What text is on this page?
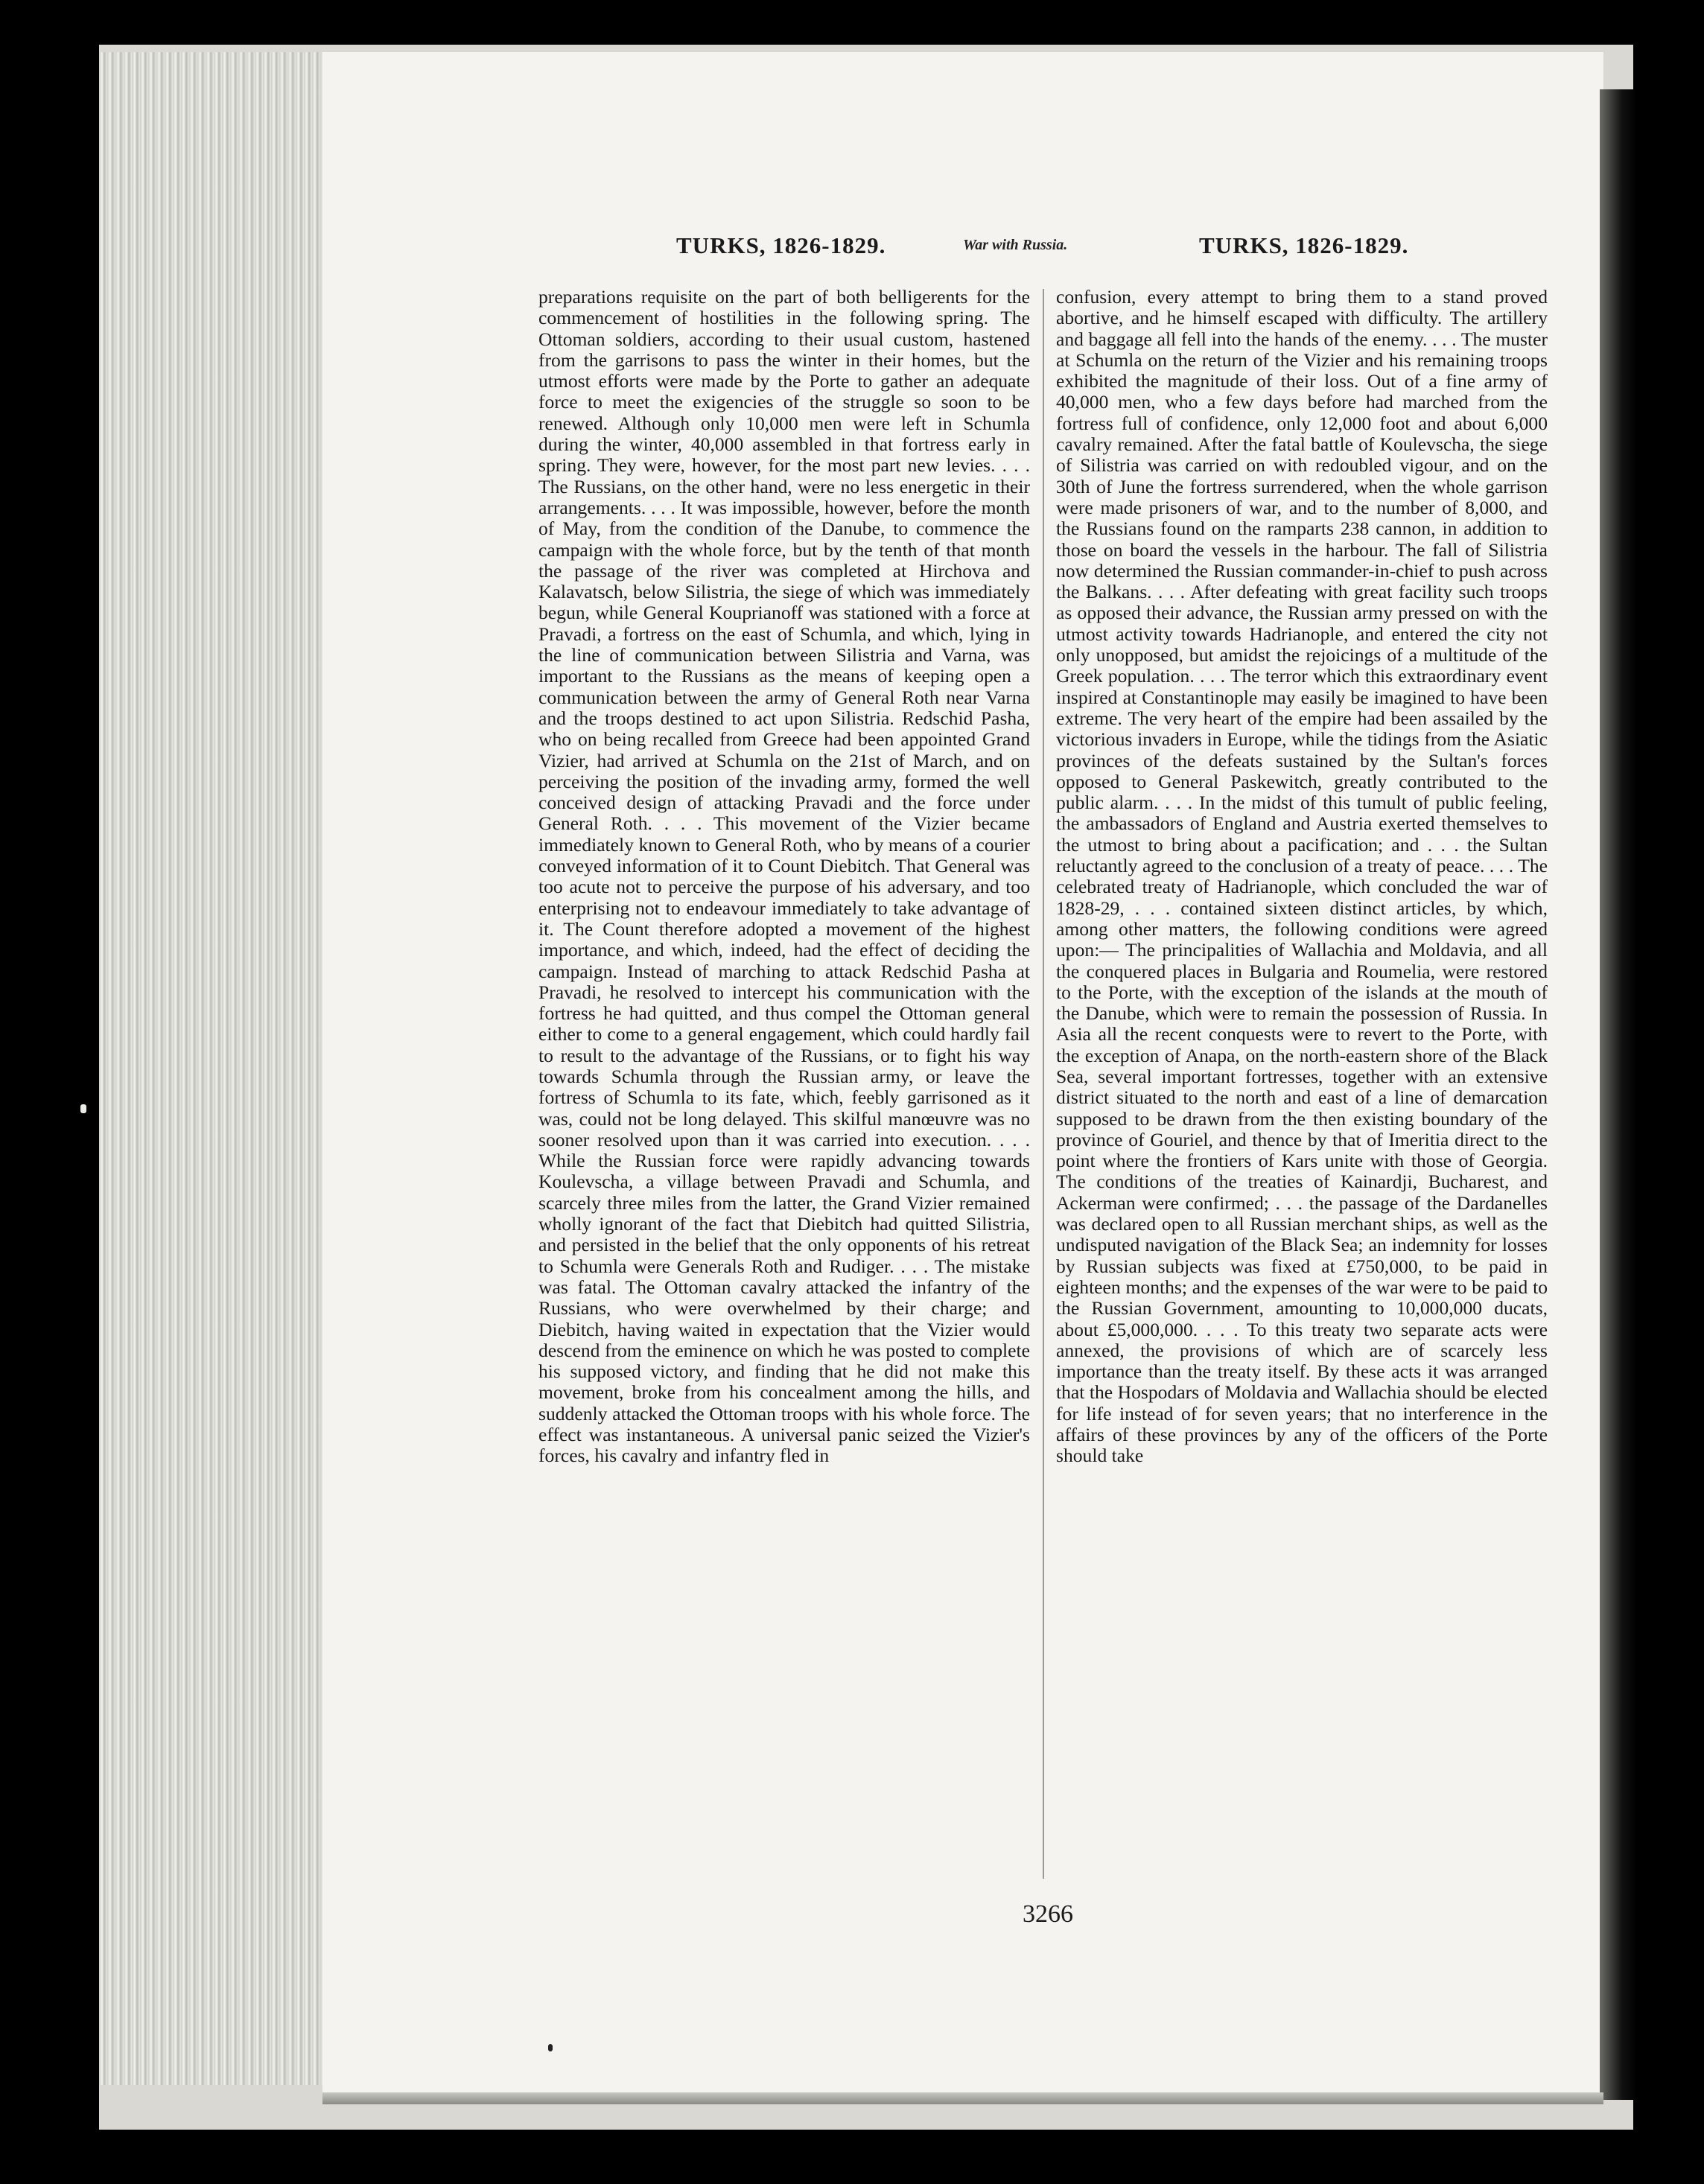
TURKS, 1826-1829.	War with Russia.	TURKS, 1826-1829.
preparations requisite on the part of both belligerents for the commencement of hostilities in the following spring. The Ottoman soldiers, according to their usual custom, hastened from the garrisons to pass the winter in their homes, but the utmost efforts were made by the Porte to gather an adequate force to meet the exigencies of the struggle so soon to be renewed. Although only 10,000 men were left in Schumla during the winter, 40,000 assembled in that fortress early in spring. They were, however, for the most part new levies. . . . The Russians, on the other hand, were no less energetic in their arrangements. . . . It was impossible, however, before the month of May, from the condition of the Danube, to commence the campaign with the whole force, but by the tenth of that month the passage of the river was completed at Hirchova and Kalavatsch, below Silistria, the siege of which was immediately begun, while General Kouprianoff was stationed with a force at Pravadi, a fortress on the east of Schumla, and which, lying in the line of communication between Silistria and Varna, was important to the Russians as the means of keeping open a communication between the army of General Roth near Varna and the troops destined to act upon Silistria. Redschid Pasha, who on being recalled from Greece had been appointed Grand Vizier, had arrived at Schumla on the 21st of March, and on perceiving the position of the invading army, formed the well conceived design of attacking Pravadi and the force under General Roth. . . . This movement of the Vizier became immediately known to General Roth, who by means of a courier conveyed information of it to Count Diebitch. That General was too acute not to perceive the purpose of his adversary, and too enterprising not to endeavour immediately to take advantage of it. The Count therefore adopted a movement of the highest importance, and which, indeed, had the effect of deciding the campaign. Instead of marching to attack Redschid Pasha at Pravadi, he resolved to intercept his communication with the fortress he had quitted, and thus compel the Ottoman general either to come to a general engagement, which could hardly fail to result to the advantage of the Russians, or to fight his way towards Schumla through the Russian army, or leave the fortress of Schumla to its fate, which, feebly garrisoned as it was, could not be long delayed. This skilful manœuvre was no sooner resolved upon than it was carried into execution. . . . While the Russian force were rapidly advancing towards Koulevscha, a village between Pravadi and Schumla, and scarcely three miles from the latter, the Grand Vizier remained wholly ignorant of the fact that Diebitch had quitted Silistria, and persisted in the belief that the only opponents of his retreat to Schumla were Generals Roth and Rudiger. . . . The mistake was fatal. The Ottoman cavalry attacked the infantry of the Russians, who were overwhelmed by their charge; and Diebitch, having waited in expectation that the Vizier would descend from the eminence on which he was posted to complete his supposed victory, and finding that he did not make this movement, broke from his concealment among the hills, and suddenly attacked the Ottoman troops with his whole force. The effect was instantaneous. A universal panic seized the Vizier's forces, his cavalry and infantry fled in
confusion, every attempt to bring them to a stand proved abortive, and he himself escaped with difficulty. The artillery and baggage all fell into the hands of the enemy. . . . The muster at Schumla on the return of the Vizier and his remaining troops exhibited the magnitude of their loss. Out of a fine army of 40,000 men, who a few days before had marched from the fortress full of confidence, only 12,000 foot and about 6,000 cavalry remained. After the fatal battle of Koulevscha, the siege of Silistria was carried on with redoubled vigour, and on the 30th of June the fortress surrendered, when the whole garrison were made prisoners of war, and to the number of 8,000, and the Russians found on the ramparts 238 cannon, in addition to those on board the vessels in the harbour. The fall of Silistria now determined the Russian commander-in-chief to push across the Balkans. . . . After defeating with great facility such troops as opposed their advance, the Russian army pressed on with the utmost activity towards Hadrianople, and entered the city not only unopposed, but amidst the rejoicings of a multitude of the Greek population. . . . The terror which this extraordinary event inspired at Constantinople may easily be imagined to have been extreme. The very heart of the empire had been assailed by the victorious invaders in Europe, while the tidings from the Asiatic provinces of the defeats sustained by the Sultan's forces opposed to General Paskewitch, greatly contributed to the public alarm. . . . In the midst of this tumult of public feeling, the ambassadors of England and Austria exerted themselves to the utmost to bring about a pacification; and . . . the Sultan reluctantly agreed to the conclusion of a treaty of peace. . . . The celebrated treaty of Hadrianople, which concluded the war of 1828-29, . . . contained sixteen distinct articles, by which, among other matters, the following conditions were agreed upon:— The principalities of Wallachia and Moldavia, and all the conquered places in Bulgaria and Roumelia, were restored to the Porte, with the exception of the islands at the mouth of the Danube, which were to remain the possession of Russia. In Asia all the recent conquests were to revert to the Porte, with the exception of Anapa, on the north-eastern shore of the Black Sea, several important fortresses, together with an extensive district situated to the north and east of a line of demarcation supposed to be drawn from the then existing boundary of the province of Gouriel, and thence by that of Imeritia direct to the point where the frontiers of Kars unite with those of Georgia. The conditions of the treaties of Kainardji, Bucharest, and Ackerman were confirmed; . . . the passage of the Dardanelles was declared open to all Russian merchant ships, as well as the undisputed navigation of the Black Sea; an indemnity for losses by Russian subjects was fixed at £750,000, to be paid in eighteen months; and the expenses of the war were to be paid to the Russian Government, amounting to 10,000,000 ducats, about £5,000,000. . . . To this treaty two separate acts were annexed, the provisions of which are of scarcely less importance than the treaty itself. By these acts it was arranged that the Hospodars of Moldavia and Wallachia should be elected for life instead of for seven years; that no interference in the affairs of these provinces by any of the officers of the Porte should take
3266
